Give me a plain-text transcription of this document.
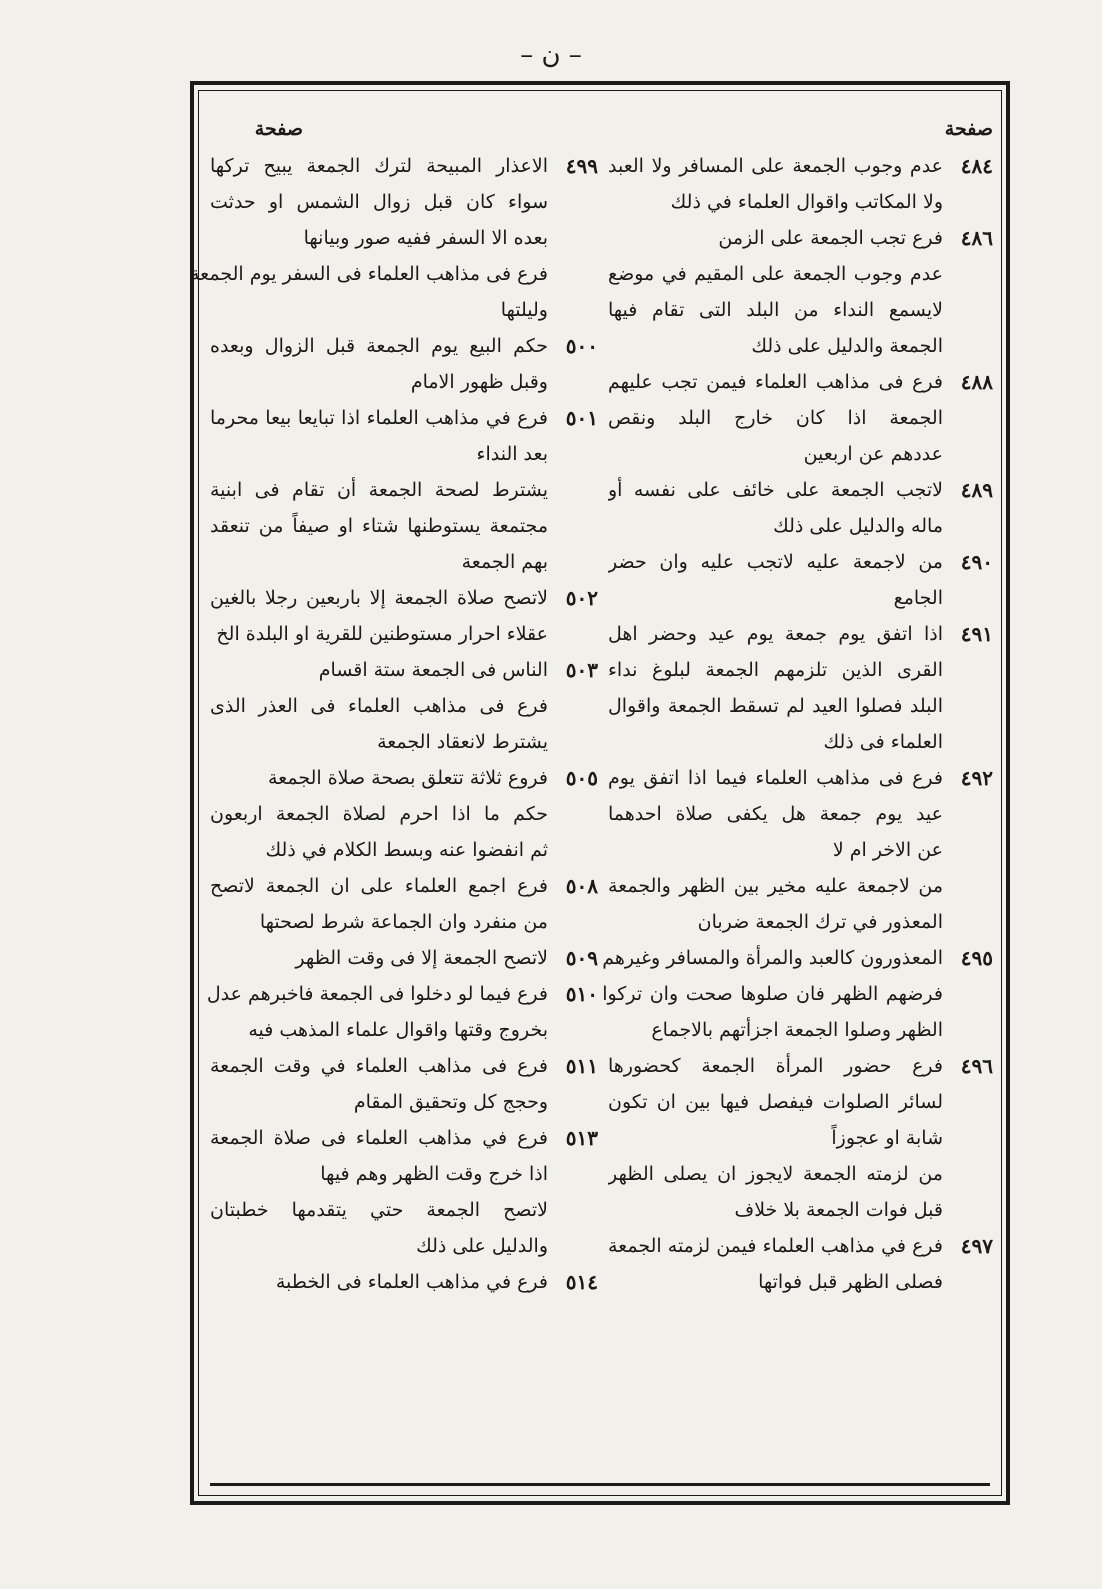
– ن –
صفحة
٤٨٤
عدم وجوب الجمعة على المسافر ولا العبد
ولا المكاتب واقوال العلماء في ذلك
٤٨٦
فرع تجب الجمعة على الزمن
عدم وجوب الجمعة على المقيم في موضع
لايسمع النداء من البلد التى تقام فيها
الجمعة والدليل على ذلك
٤٨٨
فرع فى مذاهب العلماء فيمن تجب عليهم
الجمعة اذا كان خارج البلد ونقص
عددهم عن اربعين
٤٨٩
لاتجب الجمعة على خائف على نفسه أو
ماله والدليل على ذلك
٤٩٠
من لاجمعة عليه لاتجب عليه وان حضر
الجامع
٤٩١
اذا اتفق يوم جمعة يوم عيد وحضر اهل
القرى الذين تلزمهم الجمعة لبلوغ نداء
البلد فصلوا العيد لم تسقط الجمعة واقوال
العلماء فى ذلك
٤٩٢
فرع فى مذاهب العلماء فيما اذا اتفق يوم
عيد يوم جمعة هل يكفى صلاة احدهما
عن الاخر ام لا
من لاجمعة عليه مخير بين الظهر والجمعة
المعذور في ترك الجمعة ضربان
٤٩٥
المعذورون كالعبد والمرأة والمسافر وغيرهم
فرضهم الظهر فان صلوها صحت وان تركوا
الظهر وصلوا الجمعة اجزأتهم بالاجماع
٤٩٦
فرع حضور المرأة الجمعة كحضورها
لسائر الصلوات فيفصل فيها بين ان تكون
شابة او عجوزاً
من لزمته الجمعة لايجوز ان يصلى الظهر
قبل فوات الجمعة بلا خلاف
٤٩٧
فرع في مذاهب العلماء فيمن لزمته الجمعة
فصلى الظهر قبل فواتها
صفحة
٤٩٩
الاعذار المبيحة لترك الجمعة يبيح تركها
سواء كان قبل زوال الشمس او حدثت
بعده الا السفر ففيه صور وبيانها
فرع فى مذاهب العلماء فى السفر يوم الجمعة
وليلتها
٥٠٠
حكم البيع يوم الجمعة قبل الزوال وبعده
وقبل ظهور الامام
٥٠١
فرع في مذاهب العلماء اذا تبايعا بيعا محرما
بعد النداء
يشترط لصحة الجمعة أن تقام فى ابنية
مجتمعة يستوطنها شتاء او صيفاً من تنعقد
بهم الجمعة
٥٠٢
لاتصح صلاة الجمعة إلا باربعين رجلا بالغين
عقلاء احرار مستوطنين للقرية او البلدة الخ
٥٠٣
الناس فى الجمعة ستة اقسام
فرع فى مذاهب العلماء فى العذر الذى
يشترط لانعقاد الجمعة
٥٠٥
فروع ثلاثة تتعلق بصحة صلاة الجمعة
حكم ما اذا احرم لصلاة الجمعة اربعون
ثم انفضوا عنه وبسط الكلام في ذلك
٥٠٨
فرع اجمع العلماء على ان الجمعة لاتصح
من منفرد وان الجماعة شرط لصحتها
٥٠٩
لاتصح الجمعة إلا فى وقت الظهر
٥١٠
فرع فيما لو دخلوا فى الجمعة فاخبرهم عدل
بخروج وقتها واقوال علماء المذهب فيه
٥١١
فرع فى مذاهب العلماء في وقت الجمعة
وحجج كل وتحقيق المقام
٥١٣
فرع في مذاهب العلماء فى صلاة الجمعة
اذا خرج وقت الظهر وهم فيها
لاتصح الجمعة حتي يتقدمها خطبتان
والدليل على ذلك
٥١٤
فرع في مذاهب العلماء فى الخطبة
